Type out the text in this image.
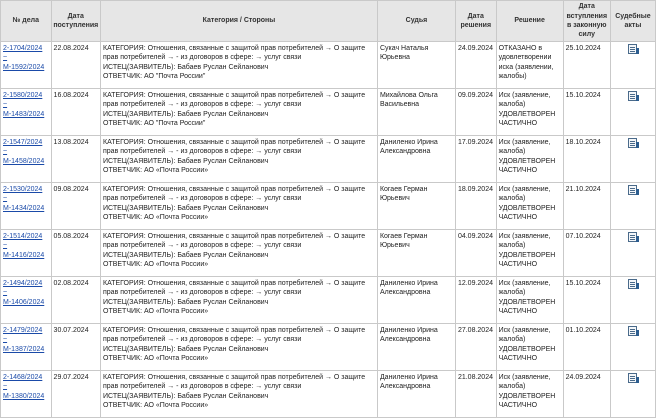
№ дела	Дата поступления	Категория / Стороны	Судья	Дата решения	Решение	Дата вступления в законную силу	Судебные акты
2-1704/2024
~
М-1592/2024	22.08.2024	КАТЕГОРИЯ: Отношения, связанные с защитой прав потребителей → О защите прав потребителей → - из договоров в сфере: → услуг связи
ИСТЕЦ(ЗАЯВИТЕЛЬ): Бабаев Руслан Сейланович
ОТВЕТЧИК: АО "Почта России"	Сукач Наталья Юрьевна	24.09.2024	ОТКАЗАНО в удовлетворении иска (заявлении, жалобы)	25.10.2024	
2-1580/2024
~
М-1483/2024	16.08.2024	КАТЕГОРИЯ: Отношения, связанные с защитой прав потребителей → О защите прав потребителей → - из договоров в сфере: → услуг связи
ИСТЕЦ(ЗАЯВИТЕЛЬ): Бабаев Руслан Сейланович
ОТВЕТЧИК: АО "Почта России"	Михайлова Ольга Васильевна	09.09.2024	Иск (заявление, жалоба) УДОВЛЕТВОРЕН ЧАСТИЧНО	15.10.2024	
2-1547/2024
~
М-1458/2024	13.08.2024	КАТЕГОРИЯ: Отношения, связанные с защитой прав потребителей → О защите прав потребителей → - из договоров в сфере: → услуг связи
ИСТЕЦ(ЗАЯВИТЕЛЬ): Бабаев Руслан Сейланович
ОТВЕТЧИК: АО «Почта России»	Даниленко Ирина Александровна	17.09.2024	Иск (заявление, жалоба) УДОВЛЕТВОРЕН ЧАСТИЧНО	18.10.2024	
2-1530/2024
~
М-1434/2024	09.08.2024	КАТЕГОРИЯ: Отношения, связанные с защитой прав потребителей → О защите прав потребителей → - из договоров в сфере: → услуг связи
ИСТЕЦ(ЗАЯВИТЕЛЬ): Бабаев Руслан Сейланович
ОТВЕТЧИК: АО «Почта России»	Когаев Герман Юрьевич	18.09.2024	Иск (заявление, жалоба) УДОВЛЕТВОРЕН ЧАСТИЧНО	21.10.2024	
2-1514/2024
~
М-1416/2024	05.08.2024	КАТЕГОРИЯ: Отношения, связанные с защитой прав потребителей → О защите прав потребителей → - из договоров в сфере: → услуг связи
ИСТЕЦ(ЗАЯВИТЕЛЬ): Бабаев Руслан Сейланович
ОТВЕТЧИК: АО «Почта России»	Когаев Герман Юрьевич	04.09.2024	Иск (заявление, жалоба) УДОВЛЕТВОРЕН ЧАСТИЧНО	07.10.2024	
2-1494/2024
~
М-1406/2024	02.08.2024	КАТЕГОРИЯ: Отношения, связанные с защитой прав потребителей → О защите прав потребителей → - из договоров в сфере: → услуг связи
ИСТЕЦ(ЗАЯВИТЕЛЬ): Бабаев Руслан Сейланович
ОТВЕТЧИК: АО «Почта России»	Даниленко Ирина Александровна	12.09.2024	Иск (заявление, жалоба) УДОВЛЕТВОРЕН ЧАСТИЧНО	15.10.2024	
2-1479/2024
~
М-1387/2024	30.07.2024	КАТЕГОРИЯ: Отношения, связанные с защитой прав потребителей → О защите прав потребителей → - из договоров в сфере: → услуг связи
ИСТЕЦ(ЗАЯВИТЕЛЬ): Бабаев Руслан Сейланович
ОТВЕТЧИК: АО «Почта России»	Даниленко Ирина Александровна	27.08.2024	Иск (заявление, жалоба) УДОВЛЕТВОРЕН ЧАСТИЧНО	01.10.2024	
2-1468/2024
~
М-1380/2024	29.07.2024	КАТЕГОРИЯ: Отношения, связанные с защитой прав потребителей → О защите прав потребителей → - из договоров в сфере: → услуг связи
ИСТЕЦ(ЗАЯВИТЕЛЬ): Бабаев Руслан Сейланович
ОТВЕТЧИК: АО «Почта России»	Даниленко Ирина Александровна	21.08.2024	Иск (заявление, жалоба) УДОВЛЕТВОРЕН ЧАСТИЧНО	24.09.2024	
